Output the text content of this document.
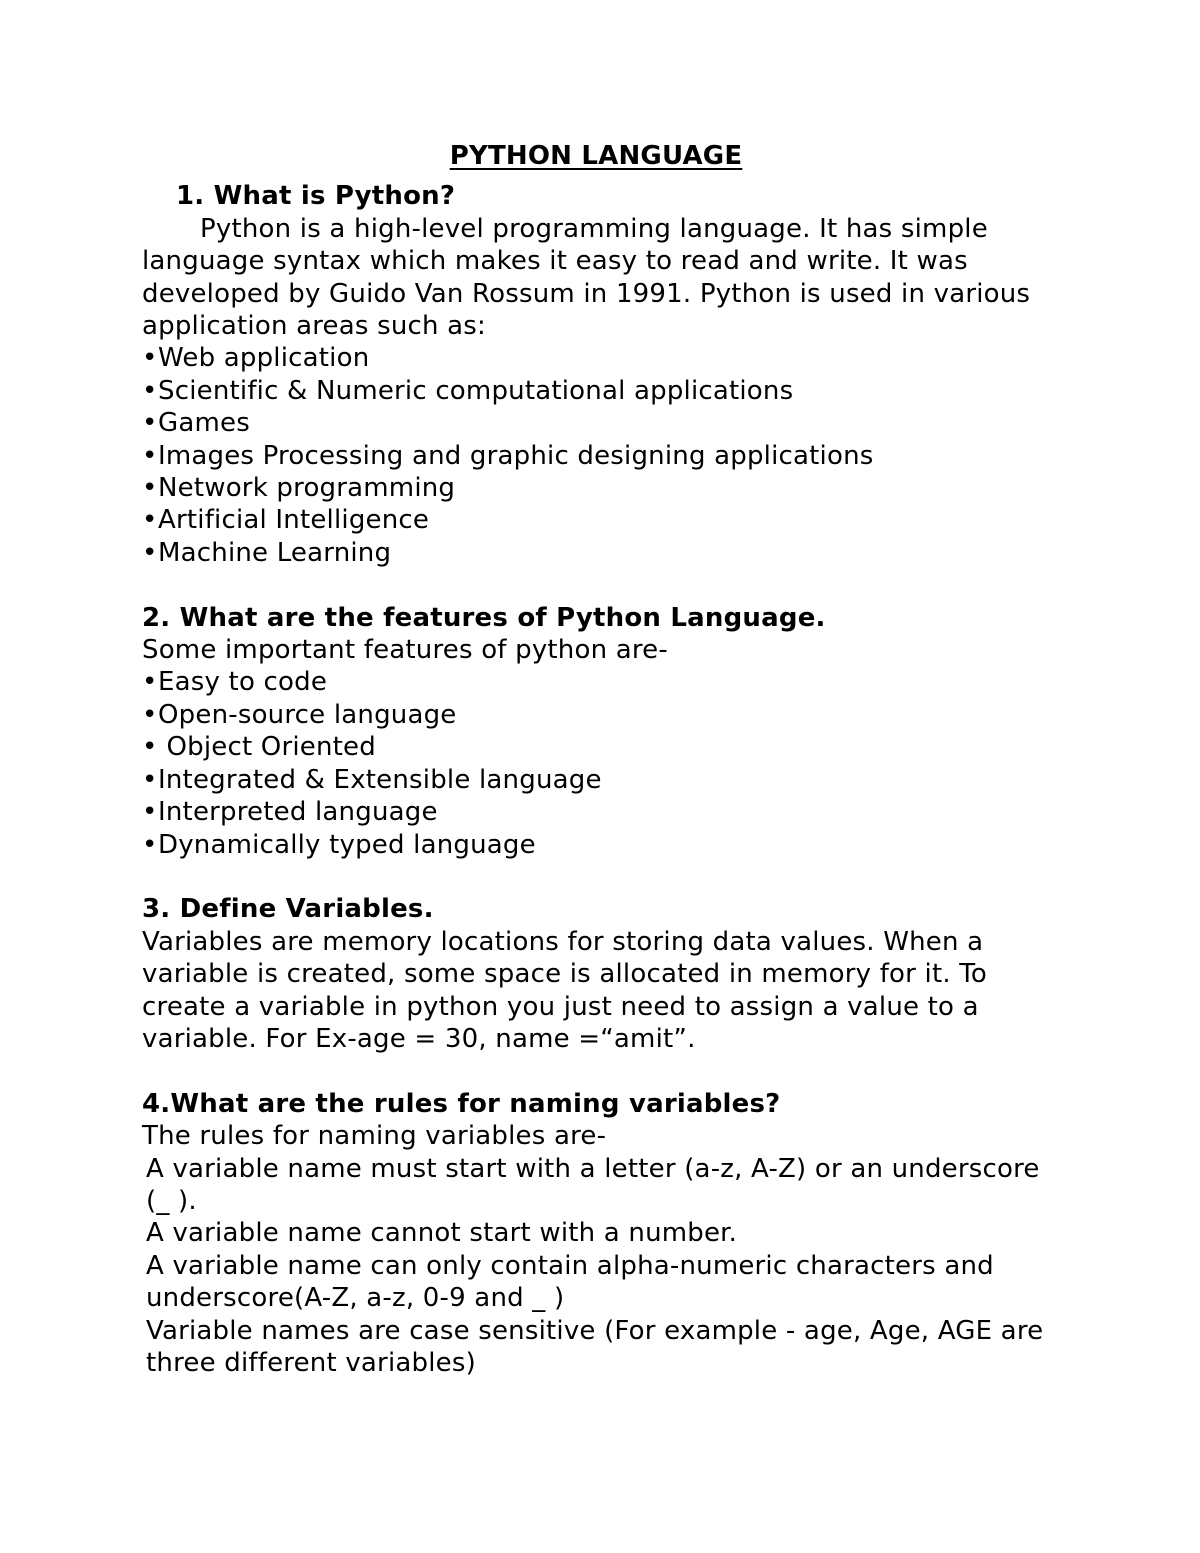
PYTHON LANGUAGE
1. What is Python?

Python is a high-level programming language. It has simple language syntax which makes it easy to read and write. It was developed by Guido Van Rossum in 1991. Python is used in various application areas such as:

•Web application
•Scientific & Numeric computational applications
•Games
•Images Processing and graphic designing applications
•Network programming
•Artificial Intelligence
•Machine Learning
2. What are the features of Python Language.

Some important features of python are-

•Easy to code
•Open-source language
• Object Oriented
•Integrated & Extensible language
•Interpreted language
•Dynamically typed language
3. Define Variables.

Variables are memory locations for storing data values. When a variable is created, some space is allocated in memory for it. To create a variable in python you just need to assign a value to a variable. For Ex-age = 30, name =“amit”.

4.What are the rules for naming variables?

The rules for naming variables are-

A variable name must start with a letter (a-z, A-Z) or an underscore (_ ).

A variable name cannot start with a number.

A variable name can only contain alpha-numeric characters and underscore(A-Z, a-z, 0-9 and _ )

Variable names are case sensitive (For example - age, Age, AGE are three different variables)
